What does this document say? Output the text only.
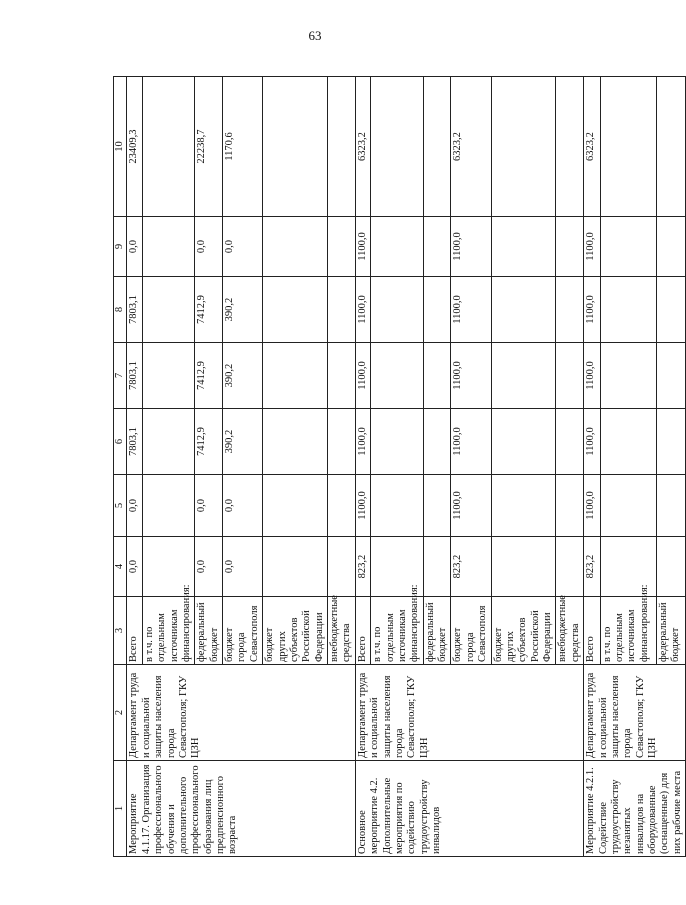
63
1	2	3	4	5	6	7	8	9	10
Мероприятие 4.1.17. Организация профессионального обучения и дополнительного профессионального образования лиц предпенсионного возраста	Департамент труда и социальной защиты населения города Севастополя; ГКУ ЦЗН	Всего	0,0	0,0	7803,1	7803,1	7803,1	0,0	23409,3
		в т.ч. по отдельным источникам финансирования:							
		федеральный бюджет	0,0	0,0	7412,9	7412,9	7412,9	0,0	22238,7
		бюджет города Севастополя	0,0	0,0	390,2	390,2	390,2	0,0	1170,6
		бюджет других субъектов Российской Федерации							
		внебюджетные средства							
Основное мероприятие 4.2. Дополнительные мероприятия по содействию трудоустройству инвалидов	Департамент труда и социальной защиты населения города Севастополя; ГКУ ЦЗН	Всего	823,2	1100,0	1100,0	1100,0	1100,0	1100,0	6323,2
		в т.ч. по отдельным источникам финансирования:							
		федеральный бюджет							
		бюджет города Севастополя	823,2	1100,0	1100,0	1100,0	1100,0	1100,0	6323,2
		бюджет других субъектов Российской Федерации							
		внебюджетные средства							
Мероприятие 4.2.1. Содействие трудоустройству незанятых инвалидов на оборудованные (оснащенные) для них рабочие места	Департамент труда и социальной защиты населения города Севастополя; ГКУ ЦЗН	Всего	823,2	1100,0	1100,0	1100,0	1100,0	1100,0	6323,2
		в т.ч. по отдельным источникам финансирования:							
		федеральный бюджет							
